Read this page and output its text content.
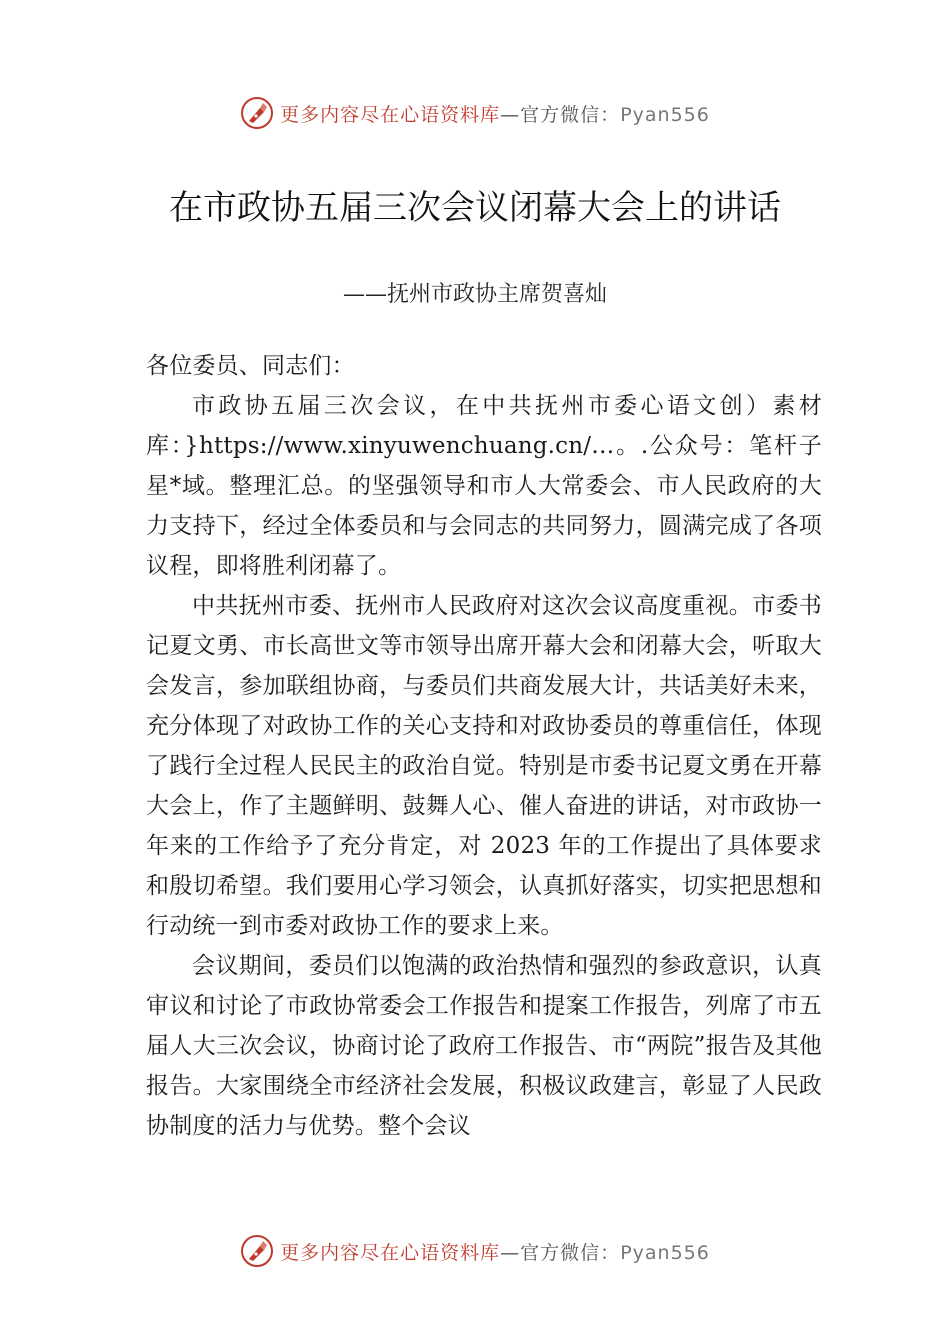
更多内容尽在心语资料库—官方微信：Pyan556
在市政协五届三次会议闭幕大会上的讲话
——抚州市政协主席贺喜灿

各位委员、同志们：

市政协五届三次会议，在中共抚州市委心语文创）素材库：}https://www.xinyuwenchuang.cn/…。.公众号：笔杆子星*域。整理汇总。的坚强领导和市人大常委会、市人民政府的大力支持下，经过全体委员和与会同志的共同努力，圆满完成了各项议程，即将胜利闭幕了。

中共抚州市委、抚州市人民政府对这次会议高度重视。市委书记夏文勇、市长高世文等市领导出席开幕大会和闭幕大会，听取大会发言，参加联组协商，与委员们共商发展大计，共话美好未来，充分体现了对政协工作的关心支持和对政协委员的尊重信任，体现了践行全过程人民民主的政治自觉。特别是市委书记夏文勇在开幕大会上，作了主题鲜明、鼓舞人心、催人奋进的讲话，对市政协一年来的工作给予了充分肯定，对 2023 年的工作提出了具体要求和殷切希望。我们要用心学习领会，认真抓好落实，切实把思想和行动统一到市委对政协工作的要求上来。

会议期间，委员们以饱满的政治热情和强烈的参政意识，认真审议和讨论了市政协常委会工作报告和提案工作报告，列席了市五届人大三次会议，协商讨论了政府工作报告、市“两院”报告及其他报告。大家围绕全市经济社会发展，积极议政建言，彰显了人民政协制度的活力与优势。整个会议

更多内容尽在心语资料库—官方微信：Pyan556
